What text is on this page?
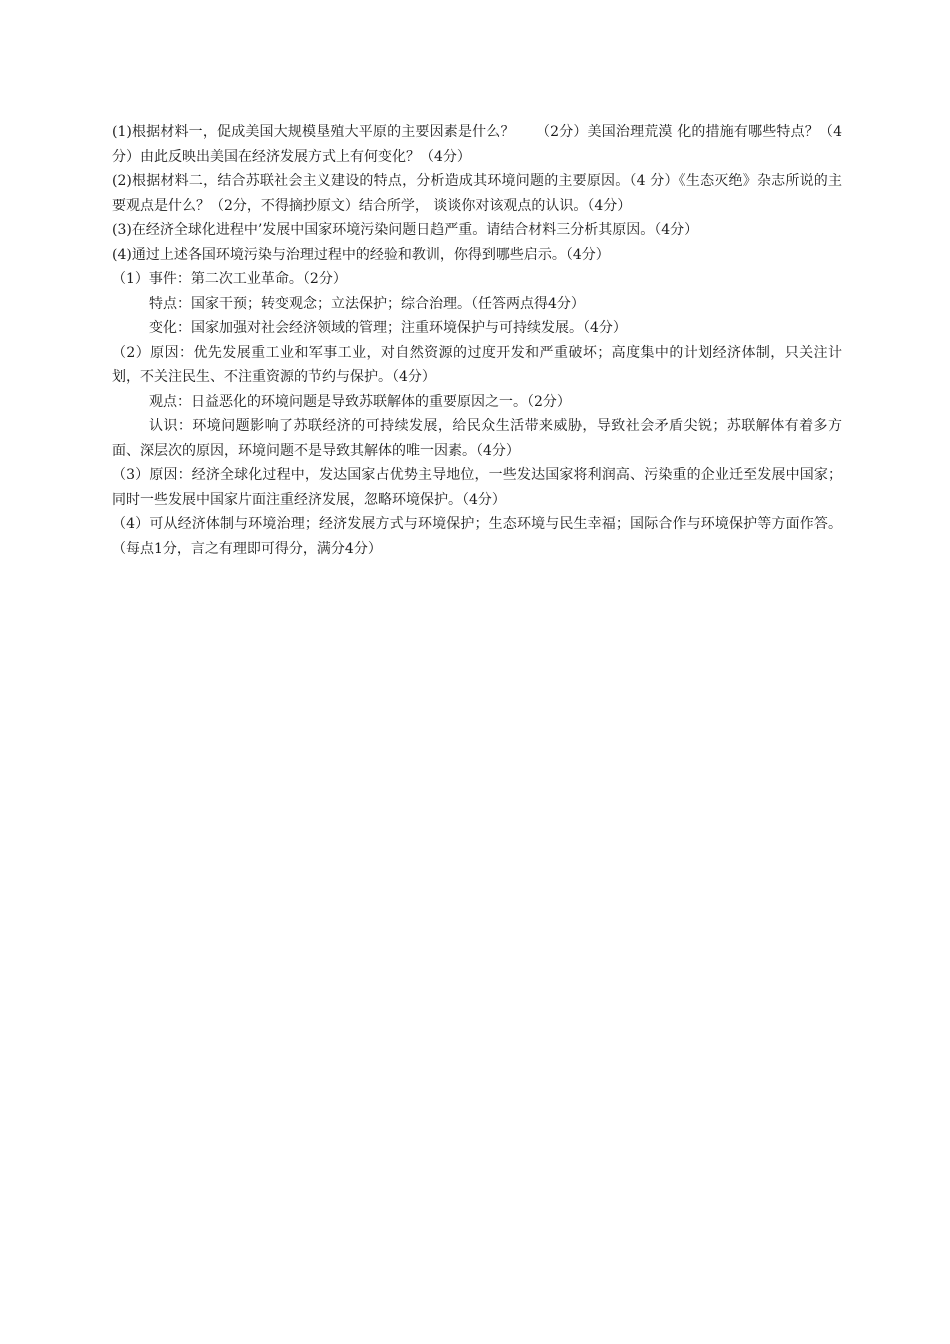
(1)根据材料一，促成美国大规模垦殖大平原的主要因素是什么？　　（2分）美国治理荒漠 化的措施有哪些特点？（4分）由此反映出美国在经济发展方式上有何变化？（4分）
(2)根据材料二，结合苏联社会主义建设的特点，分析造成其环境问题的主要原因。（4 分）《生态灭绝》杂志所说的主要观点是什么？（2分，不得摘抄原文）结合所学， 谈谈你对该观点的认识。（4分）
(3)在经济全球化进程中’发展中国家环境污染问题日趋严重。请结合材料三分析其原因。（4分）
(4)通过上述各国环境污染与治理过程中的经验和教训，你得到哪些启示。（4分）
（1）事件：第二次工业革命。（2分）
特点：国家干预；转变观念；立法保护；综合治理。（任答两点得4分）
变化：国家加强对社会经济领域的管理；注重环境保护与可持续发展。（4分）
（2）原因：优先发展重工业和军事工业，对自然资源的过度开发和严重破坏；高度集中的计划经济体制，只关注计划，不关注民生、不注重资源的节约与保护。（4分）
观点：日益恶化的环境问题是导致苏联解体的重要原因之一。（2分）
认识：环境问题影响了苏联经济的可持续发展，给民众生活带来威胁，导致社会矛盾尖锐；苏联解体有着多方面、深层次的原因，环境问题不是导致其解体的唯一因素。（4分）
（3）原因：经济全球化过程中，发达国家占优势主导地位，一些发达国家将利润高、污染重的企业迁至发展中国家；同时一些发展中国家片面注重经济发展，忽略环境保护。（4分）
（4）可从经济体制与环境治理；经济发展方式与环境保护；生态环境与民生幸福；国际合作与环境保护等方面作答。（每点1分，言之有理即可得分，满分4分）
